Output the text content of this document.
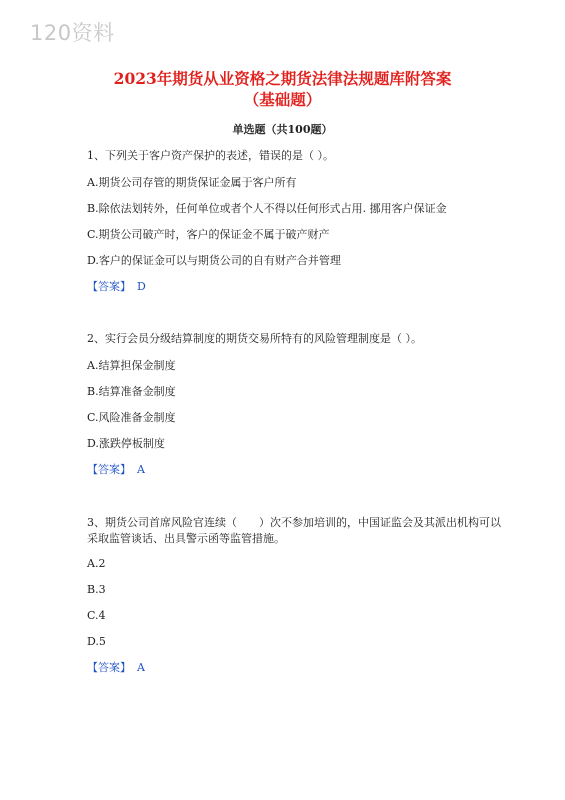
120资料
2023年期货从业资格之期货法律法规题库附答案
（基础题）
单选题（共100题）
1、下列关于客户资产保护的表述，错误的是（ ）。
A.期货公司存管的期货保证金属于客户所有
B.除依法划转外，任何单位或者个人不得以任何形式占用. 挪用客户保证金
C.期货公司破产时，客户的保证金不属于破产财产
D.客户的保证金可以与期货公司的自有财产合并管理
【答案】 D
2、实行会员分级结算制度的期货交易所特有的风险管理制度是（ ）。
A.结算担保金制度
B.结算准备金制度
C.风险准备金制度
D.涨跌停板制度
【答案】 A
3、期货公司首席风险官连续（　　）次不参加培训的，中国证监会及其派出机构可以采取监管谈话、出具警示函等监管措施。
A.2
B.3
C.4
D.5
【答案】 A
